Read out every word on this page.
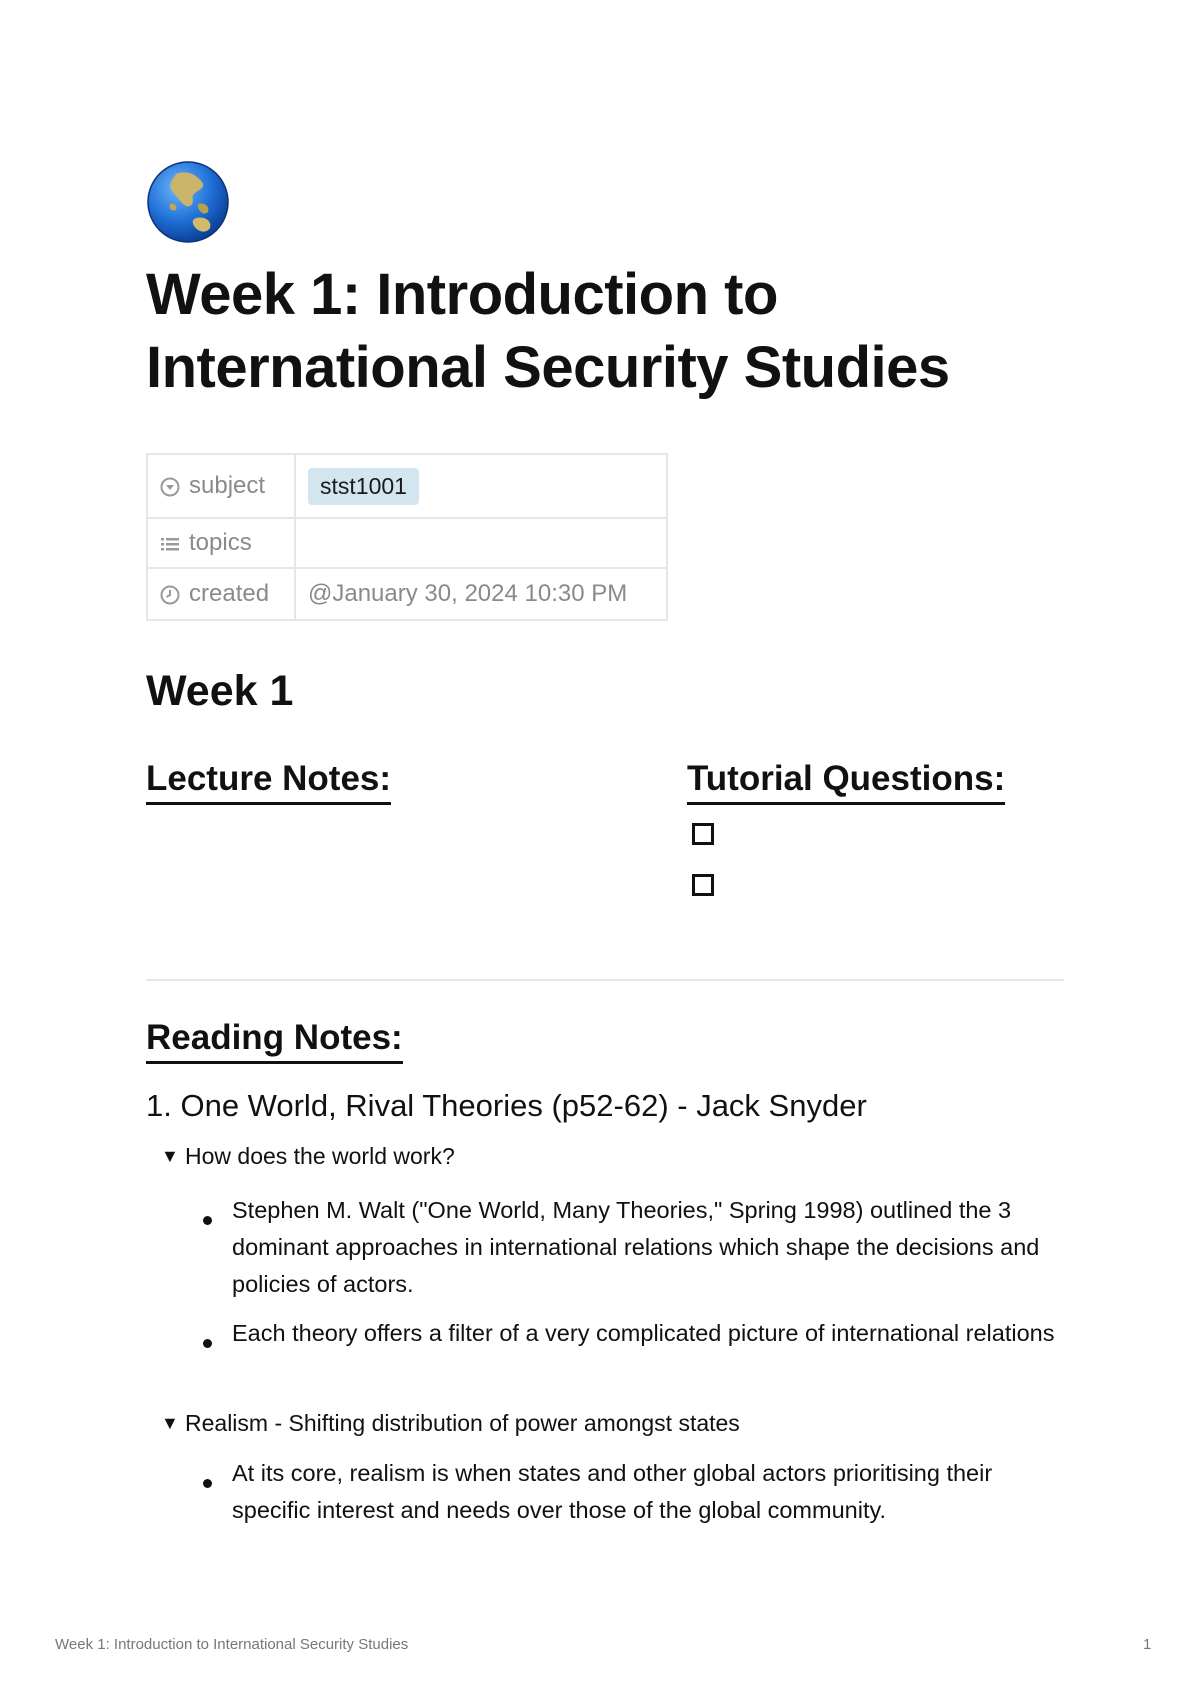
Week 1: Introduction to International Security Studies
subject	stst1001

topics	

created	@January 30, 2024 10:30 PM
Week 1
Lecture Notes:	Tutorial Questions:
Reading Notes:
1. One World, Rival Theories (p52-62) - Jack Snyder
▼ How does the world work?
Stephen M. Walt ("One World, Many Theories," Spring 1998) outlined the 3 dominant approaches in international relations which shape the decisions and policies of actors.
Each theory offers a filter of a very complicated picture of international relations
▼ Realism - Shifting distribution of power amongst states
At its core, realism is when states and other global actors prioritising their specific interest and needs over those of the global community.
Week 1: Introduction to International Security Studies	1
